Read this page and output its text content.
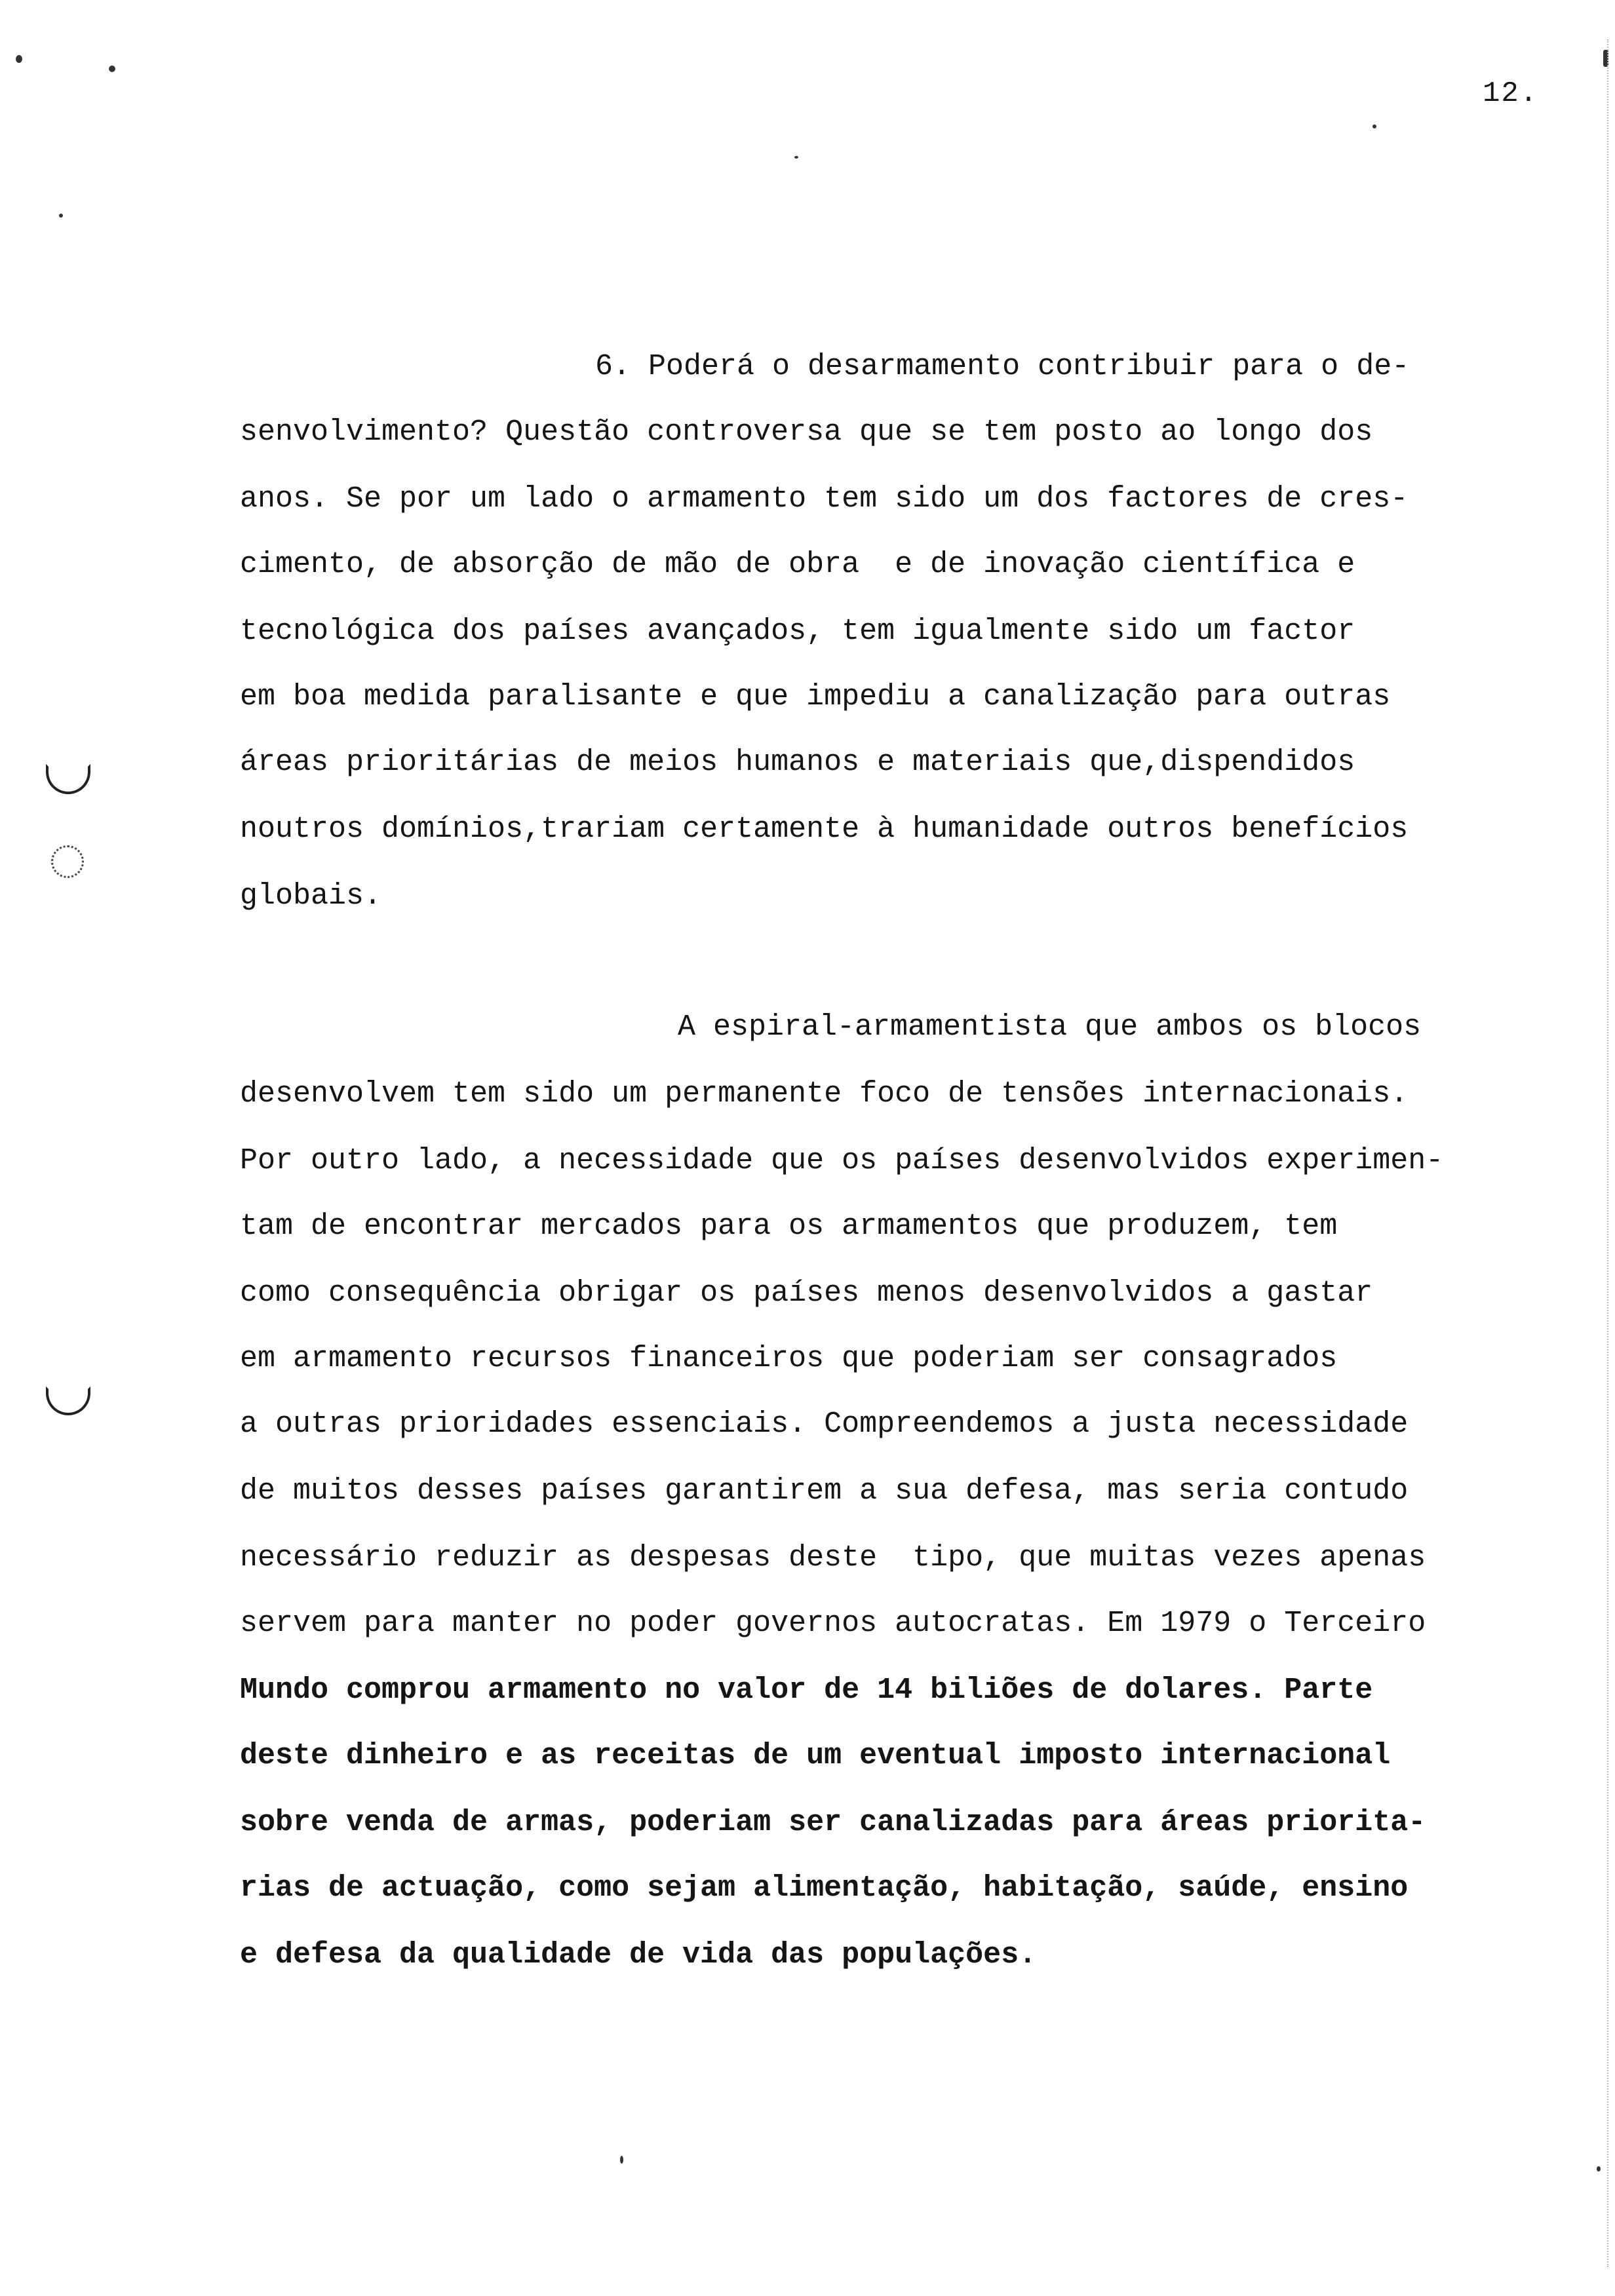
12.
6. Poderá o desarmamento contribuir para o de-
senvolvimento? Questão controversa que se tem posto ao longo dos
anos. Se por um lado o armamento tem sido um dos factores de cres-
cimento, de absorção de mão de obra  e de inovação científica e
tecnológica dos países avançados, tem igualmente sido um factor
em boa medida paralisante e que impediu a canalização para outras
áreas prioritárias de meios humanos e materiais que,dispendidos
noutros domínios,trariam certamente à humanidade outros benefícios
globais.
A espiral-armamentista que ambos os blocos
desenvolvem tem sido um permanente foco de tensões internacionais.
Por outro lado, a necessidade que os países desenvolvidos experimen-
tam de encontrar mercados para os armamentos que produzem, tem
como consequência obrigar os países menos desenvolvidos a gastar
em armamento recursos financeiros que poderiam ser consagrados
a outras prioridades essenciais. Compreendemos a justa necessidade
de muitos desses países garantirem a sua defesa, mas seria contudo
necessário reduzir as despesas deste  tipo, que muitas vezes apenas
servem para manter no poder governos autocratas. Em 1979 o Terceiro
Mundo comprou armamento no valor de 14 biliões de dolares. Parte
deste dinheiro e as receitas de um eventual imposto internacional
sobre venda de armas, poderiam ser canalizadas para áreas priorita-
rias de actuação, como sejam alimentação, habitação, saúde, ensino
e defesa da qualidade de vida das populações.
